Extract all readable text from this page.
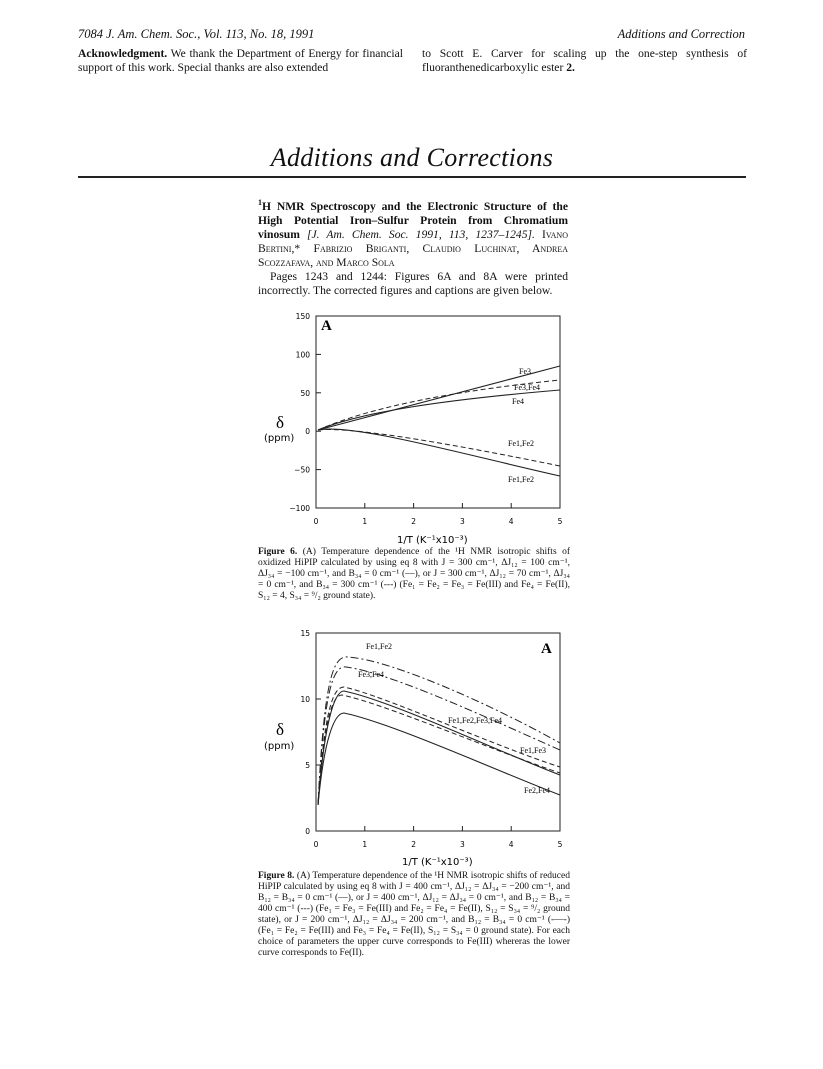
7084 J. Am. Chem. Soc., Vol. 113, No. 18, 1991	Additions and Correction
Acknowledgment. We thank the Department of Energy for financial support of this work. Special thanks are also extended
to Scott E. Carver for scaling up the one-step synthesis of fluoranthenedicarboxylic ester 2.
Additions and Corrections

$^1$H NMR Spectroscopy and the Electronic Structure of the High Potential Iron–Sulfur Protein from Chromatium vinosum [J. Am. Chem. Soc. 1991, 113, 1237–1245]. Ivano Bertini,* Fabrizio Briganti, Claudio Luchinat, Andrea Scozzafava, and Marco Sola

Pages 1243 and 1244: Figures 6A and 8A were printed incorrectly. The corrected figures and captions are given below.

150
100
50
0
−50
−100
0	1	2	3	4	5
A
Fe3
Fe3,Fe4
Fe4
Fe1,Fe2
Fe1,Fe2
δ
(ppm)
1/T (K⁻¹x10⁻³)
Figure 6. (A) Temperature dependence of the ¹H NMR isotropic shifts of oxidized HiPIP calculated by using eq 8 with J = 300 cm⁻¹, ΔJ₁₂ = 100 cm⁻¹, ΔJ₃₄ = −100 cm⁻¹, and B₃₄ = 0 cm⁻¹ (—), or J = 300 cm⁻¹, ΔJ₁₂ = 70 cm⁻¹, ΔJ₃₄ = 0 cm⁻¹, and B₃₄ = 300 cm⁻¹ (---) (Fe₁ = Fe₂ = Fe₃ = Fe(III) and Fe₄ = Fe(II), S₁₂ = 4, S₃₄ = ⁹/₂ ground state).
15
10
5
0
0	1	2	3	4	5
A
Fe1,Fe2
Fe3,Fe4
Fe1,Fe2,Fe3,Fe4
Fe1,Fe3
Fe2,Fe4
δ
(ppm)
1/T (K⁻¹x10⁻³)
Figure 8. (A) Temperature dependence of the ¹H NMR isotropic shifts of reduced HiPIP calculated by using eq 8 with J = 400 cm⁻¹, ΔJ₁₂ = ΔJ₃₄ = −200 cm⁻¹, and B₁₂ = B₃₄ = 0 cm⁻¹ (—), or J = 400 cm⁻¹, ΔJ₁₂ = ΔJ₃₄ = 0 cm⁻¹, and B₁₂ = B₃₄ = 400 cm⁻¹ (---) (Fe₁ = Fe₃ = Fe(III) and Fe₂ = Fe₄ = Fe(II), S₁₂ = S₃₄ = ⁹/₂ ground state), or J = 200 cm⁻¹, ΔJ₁₂ = ΔJ₃₄ = 200 cm⁻¹, and B₁₂ = B₃₄ = 0 cm⁻¹ (-—-) (Fe₁ = Fe₂ = Fe(III) and Fe₃ = Fe₄ = Fe(II), S₁₂ = S₃₄ = 0 ground state). For each choice of parameters the upper curve corresponds to Fe(III) whereras the lower curve corresponds to Fe(II).
